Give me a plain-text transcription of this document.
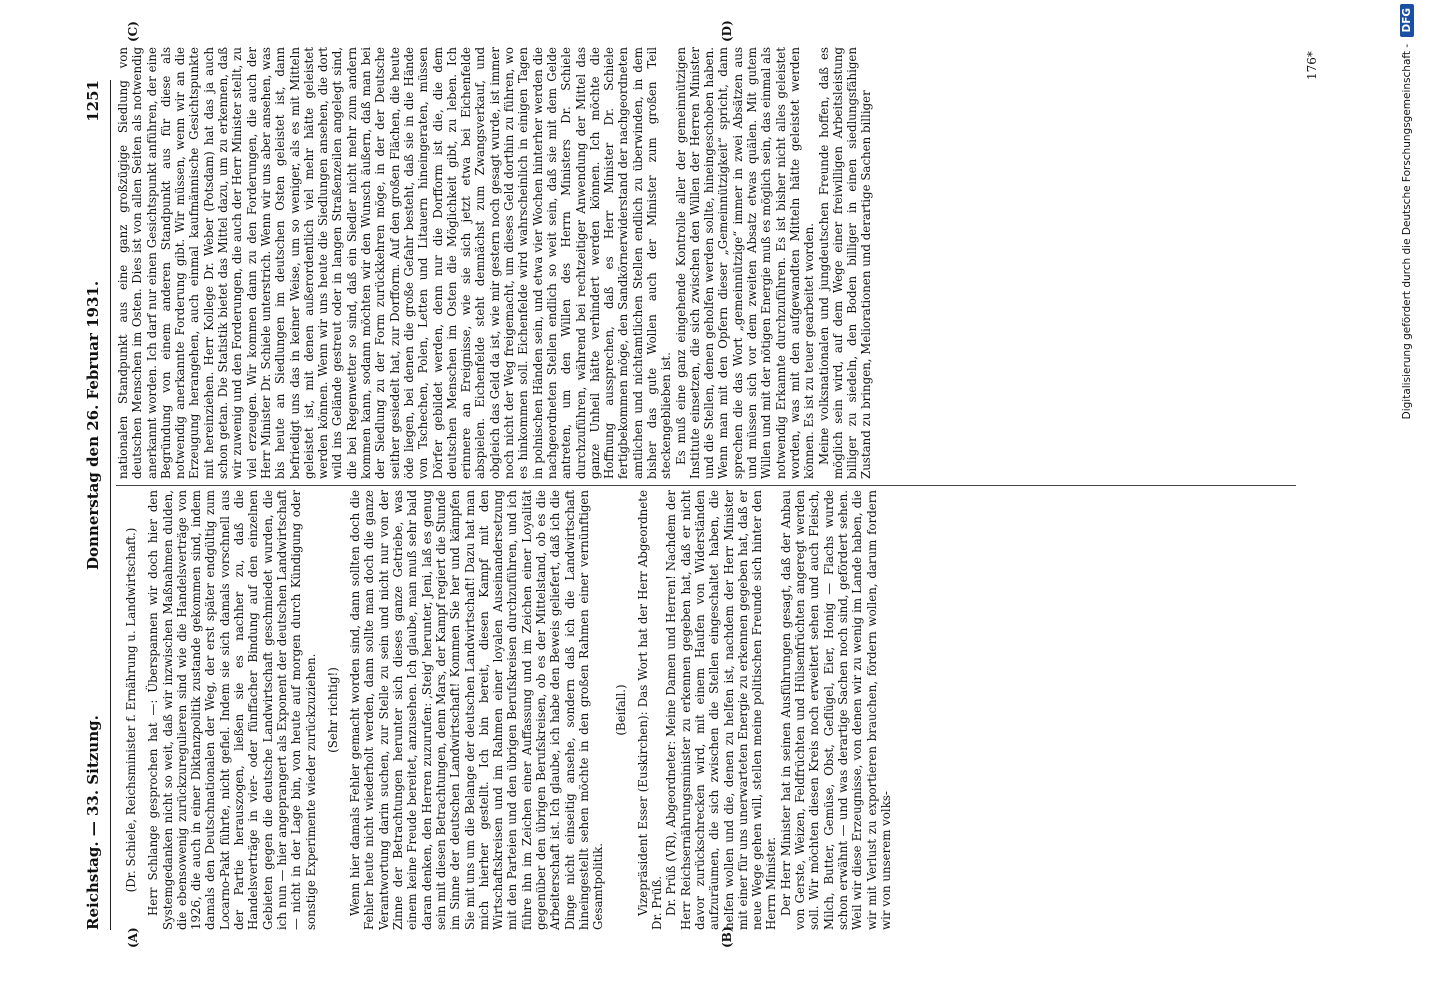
Reichstag. — 33. Sitzung.
Donnerstag den 26. Februar 1931.
1251
(A)	(B)
(C)	(D)

(Dr. Schiele, Reichsminister f. Ernährung u. Landwirtschaft.) Herr Schlange gesprochen hat —: Überspannen wir doch hier den Systemgedanken nicht so weit, daß wir inzwischen Maßnahmen dulden, die ebensowenig zurückzuregulieren sind wie die Handelsverträge von 1926, die auch in einer Diktanzpolitik zustande gekommen sind, indem damals den Deutschnationalen der Weg, der erst später endgültig zum Locarno-Pakt führte, nicht gefiel. Indem sie sich damals vorschnell aus der Partie herauszogen, ließen sie es nachher zu, daß die Handelsverträge in vier- oder fünffacher Bindung auf den einzelnen Gebieten gegen die deutsche Landwirtschaft geschmiedet wurden, die ich nun — hier angeprangert als Exponent der deutschen Landwirtschaft — nicht in der Lage bin, von heute auf morgen durch Kündigung oder sonstige Experimente wieder zurückzuziehen. (Sehr richtig!) Wenn hier damals Fehler gemacht worden sind, dann sollten doch die Fehler heute nicht wiederholt werden, dann sollte man doch die ganze Verantwortung darin suchen, zur Stelle zu sein und nicht nur von der Zinne der Betrachtungen herunter sich dieses ganze Getriebe, was einem keine Freude bereitet, anzusehen. Ich glaube, man muß sehr bald daran denken, den Herren zuzurufen: ‚Steig' herunter, Jeni, laß es genug sein mit diesen Betrachtungen, denn Mars, der Kampf regiert die Stunde im Sinne der deutschen Landwirtschaft! Kommen Sie her und kämpfen Sie mit uns um die Belange der deutschen Landwirtschaft! Dazu hat man mich hierher gestellt. Ich bin bereit, diesen Kampf mit den Wirtschaftskreisen und im Rahmen einer loyalen Auseinandersetzung mit den Parteien und den übrigen Berufskreisen durchzuführen, und ich führe ihn im Zeichen einer Auffassung und im Zeichen einer Loyalität gegenüber den übrigen Berufskreisen, ob es der Mittelstand, ob es die Arbeiterschaft ist. Ich glaube, ich habe den Beweis geliefert, daß ich die Dinge nicht einseitig ansehe, sondern daß ich die Landwirtschaft hineingestellt sehen möchte in den großen Rahmen einer vernünftigen Gesamtpolitik.

(Beifall.) Vizepräsident Esser (Euskirchen): Das Wort hat der Herr Abgeordnete Dr. Prüß. Dr. Prüß (VR), Abgeordneter: Meine Damen und Herren! Nachdem der Herr Reichsernährungsminister zu erkennen gegeben hat, daß er nicht davor zurückschrecken wird, mit einem Haufen von Widerständen aufzuräumen, die sich zwischen die Stellen eingeschaltet haben, die helfen wollen und die, denen zu helfen ist, nachdem der Herr Minister mit einer für uns unerwarteten Energie zu erkennen gegeben hat, daß er neue Wege gehen will, stellen meine politischen Freunde sich hinter den Herrn Minister. Der Herr Minister hat in seinen Ausführungen gesagt, daß der Anbau von Gerste, Weizen, Feldfrüchten und Hülsenfrüchten angeregt werden soll. Wir möchten diesen Kreis noch erweitert sehen und auch Fleisch, Milch, Butter, Gemüse, Obst, Geflügel, Eier, Honig — Flachs wurde schon erwähnt — und was derartige Sachen noch sind, gefördert sehen. Weil wir diese Erzeugnisse, von denen wir zu wenig im Lande haben, die wir mit Verlust zu exportieren brauchen, fördern wollen, darum fordern wir von unserem volks-

nationalen Standpunkt aus eine ganz großzügige Siedlung von deutschen Menschen im Osten. Dies ist von allen Seiten als notwendig anerkannt worden. Ich darf nur einen Gesichtspunkt anführen, der eine Begründung von einem anderen Standpunkt aus für diese als notwendig anerkannte Forderung gibt. Wir müssen, wenn wir an die Erzeugung herangehen, auch einmal kaufmännische Gesichtspunkte mit hereinziehen. Herr Kollege Dr. Weber (Potsdam) hat das ja auch schon getan. Die Statistik bietet das Mittel dazu, um zu erkennen, daß wir zuwenig und den Forderungen, die auch der Herr Minister stellt, zu viel erzeugen. Wir kommen dann zu den Forderungen, die auch der Herr Minister Dr. Schiele unterstrich. Wenn wir uns aber ansehen, was bis heute an Siedlungen im deutschen Osten geleistet ist, dann befriedigt uns das in keiner Weise, um so weniger, als es mit Mitteln geleistet ist, mit denen außerordentlich viel mehr hätte geleistet werden können. Wenn wir uns heute die Siedlungen ansehen, die dort wild ins Gelände gestreut oder in langen Straßenzeilen angelegt sind, die bei Regenwetter so sind, daß ein Siedler nicht mehr zum andern kommen kann, sodann möchten wir den Wunsch äußern, daß man bei der Siedlung zu der Form zurückkehren möge, in der der Deutsche seither gesiedelt hat, zur Dorfform. Auf den großen Flächen, die heute öde liegen, bei denen die große Gefahr besteht, daß sie in die Hände von Tschechen, Polen, Letten und Litauern hineingeraten, müssen Dörfer gebildet werden, denn nur die Dorfform ist die, die dem deutschen Menschen im Osten die Möglichkeit gibt, zu leben. Ich erinnere an Ereignisse, wie sie sich jetzt etwa bei Eichenfelde abspielen. Eichenfelde steht demnächst zum Zwangsverkauf, und obgleich das Geld da ist, wie mir gestern noch gesagt wurde, ist immer noch nicht der Weg freigemacht, um dieses Geld dorthin zu führen, wo es hinkommen soll. Eichenfelde wird wahrscheinlich in einigen Tagen in polnischen Händen sein, und etwa vier Wochen hinterher werden die nachgeordneten Stellen endlich so weit sein, daß sie mit dem Gelde antreten, um den Willen des Herrn Ministers Dr. Schiele durchzuführen, während bei rechtzeitiger Anwendung der Mittel das ganze Unheil hätte verhindert werden können. Ich möchte die Hoffnung aussprechen, daß es Herr Minister Dr. Schiele fertigbekommen möge, den Sandkörnerwiderstand der nachgeordneten amtlichen und nichtamtlichen Stellen endlich zu überwinden, in dem bisher das gute Wollen auch der Minister zum großen Teil steckengeblieben ist. Es muß eine ganz eingehende Kontrolle aller der gemeinnützigen Institute einsetzen, die sich zwischen den Willen der Herren Minister und die Stellen, denen geholfen werden sollte, hineingeschoben haben. Wenn man mit den Opfern dieser „Gemeinnützigkeit“ spricht, dann sprechen die das Wort „gemeinnützige“ immer in zwei Absätzen aus und müssen sich vor dem zweiten Absatz etwas quälen. Mit gutem Willen und mit der nötigen Energie muß es möglich sein, das einmal als notwendig Erkannte durchzuführen. Es ist bisher nicht alles geleistet worden, was mit den aufgewandten Mitteln hätte geleistet werden können. Es ist zu teuer gearbeitet worden. Meine volksnationalen und jungdeutschen Freunde hoffen, daß es möglich sein wird, auf dem Wege einer freiwilligen Arbeitsleistung billiger zu siedeln, den Boden billiger in einen siedlungsfähigen Zustand zu bringen, Meliorationen und derartige Sachen billiger

176*	Digitalisierung gefördert durch die Deutsche Forschungsgemeinschaft - DFG
